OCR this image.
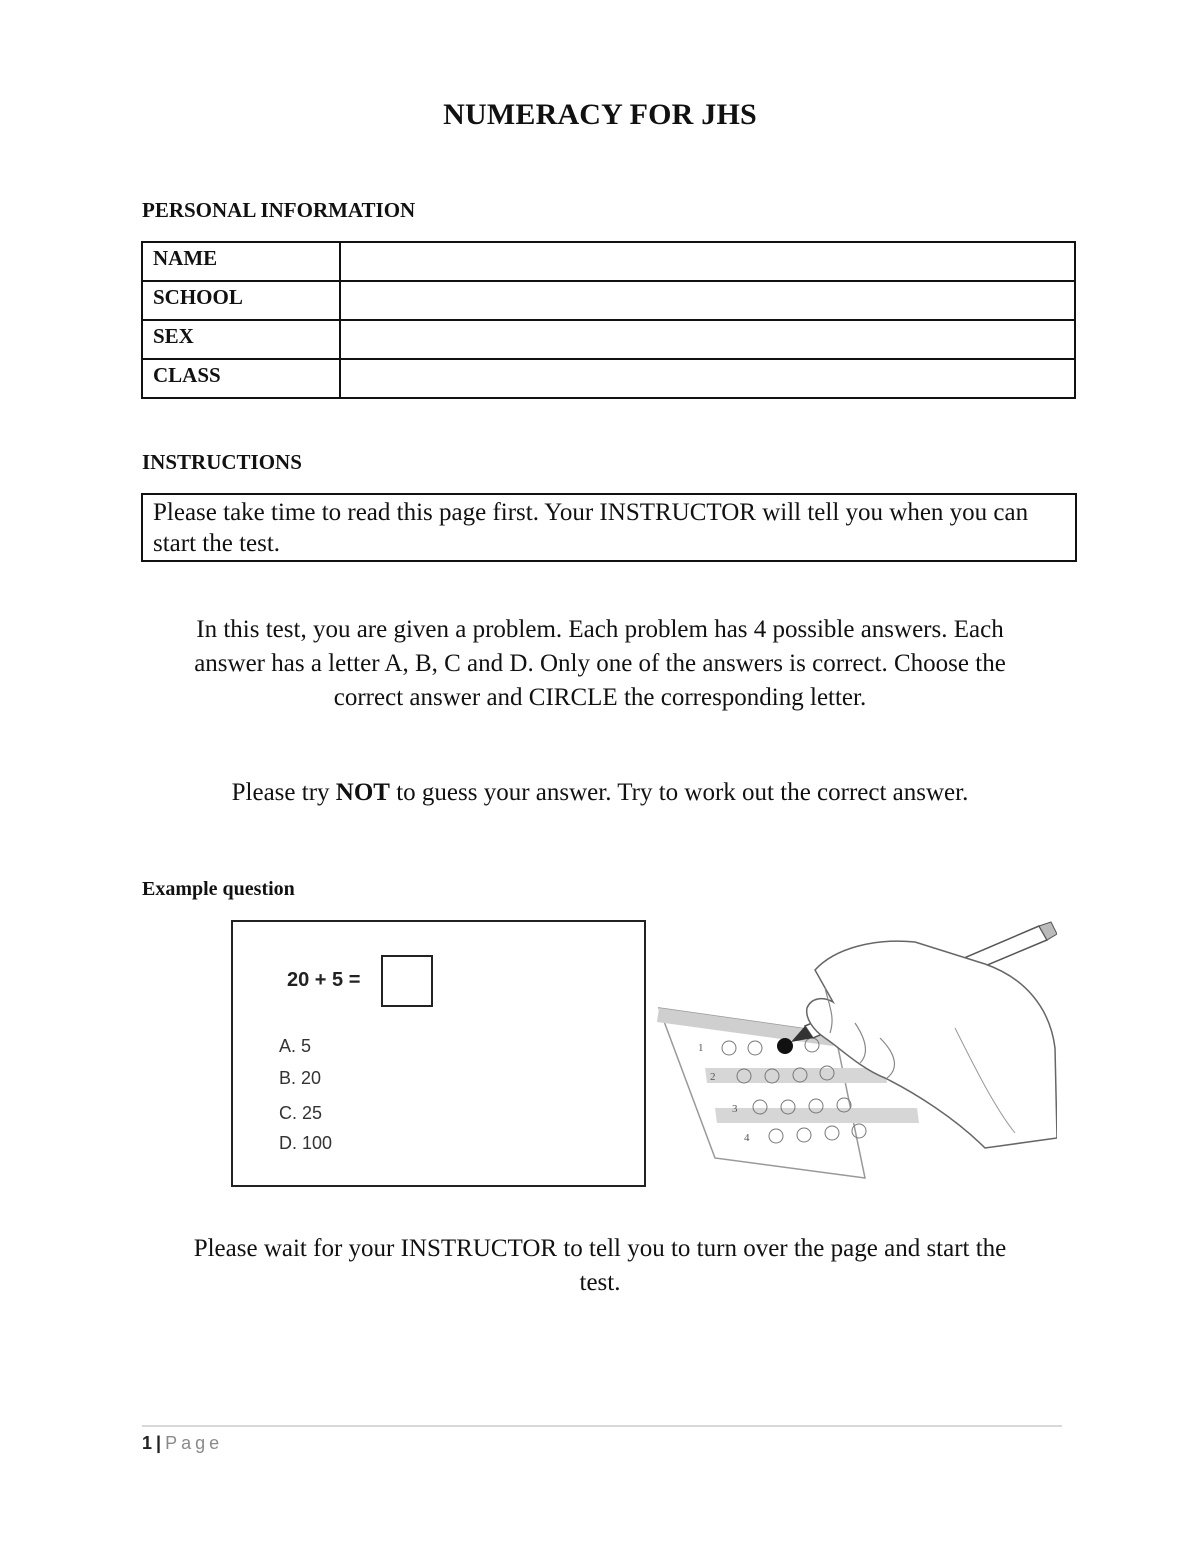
NUMERACY FOR JHS
PERSONAL INFORMATION
NAME	
SCHOOL	
SEX	
CLASS	
INSTRUCTIONS
Please take time to read this page first. Your INSTRUCTOR will tell you when you can start the test.
In this test, you are given a problem. Each problem has 4 possible answers. Each
answer has a letter A, B, C and D. Only one of the answers is correct. Choose the
correct answer and CIRCLE the corresponding letter.
Please try NOT to guess your answer. Try to work out the correct answer.
Example question
20 + 5 =
A. 5
B. 20
C. 25
D. 100
1
2
3
4
Please wait for your INSTRUCTOR to tell you to turn over the page and start the
test.
1 | Page
